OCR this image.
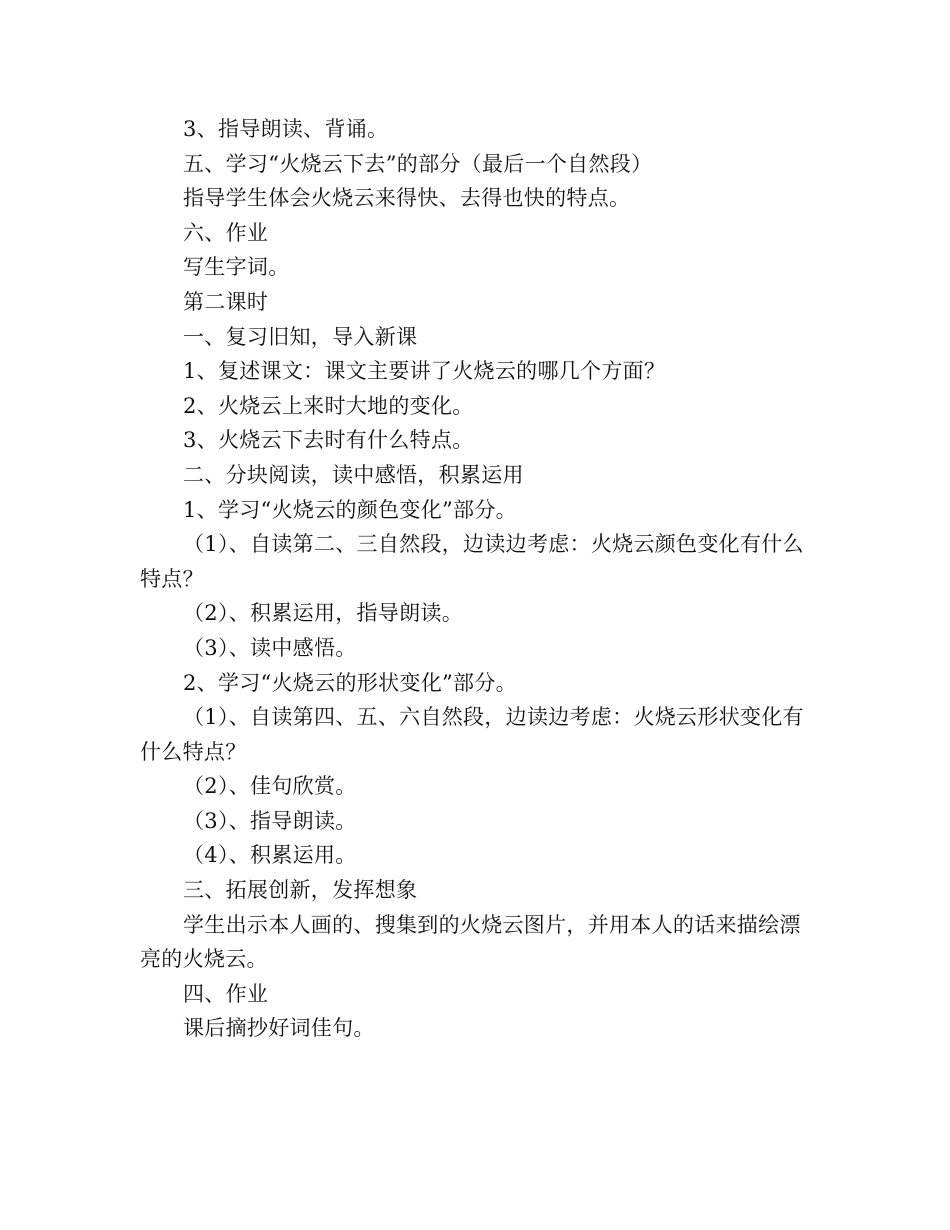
3、指导朗读、背诵。

五、学习“火烧云下去”的部分（最后一个自然段）

指导学生体会火烧云来得快、去得也快的特点。

六、作业

写生字词。

第二课时

一、复习旧知，导入新课

1、复述课文：课文主要讲了火烧云的哪几个方面？

2、火烧云上来时大地的变化。

3、火烧云下去时有什么特点。

二、分块阅读，读中感悟，积累运用

1、学习“火烧云的颜色变化”部分。

（1）、自读第二、三自然段，边读边考虑：火烧云颜色变化有什么特点？

（2）、积累运用，指导朗读。

（3）、读中感悟。

2、学习“火烧云的形状变化”部分。

（1）、自读第四、五、六自然段，边读边考虑：火烧云形状变化有什么特点？

（2）、佳句欣赏。

（3）、指导朗读。

（4）、积累运用。

三、拓展创新，发挥想象

学生出示本人画的、搜集到的火烧云图片，并用本人的话来描绘漂亮的火烧云。

四、作业

课后摘抄好词佳句。
